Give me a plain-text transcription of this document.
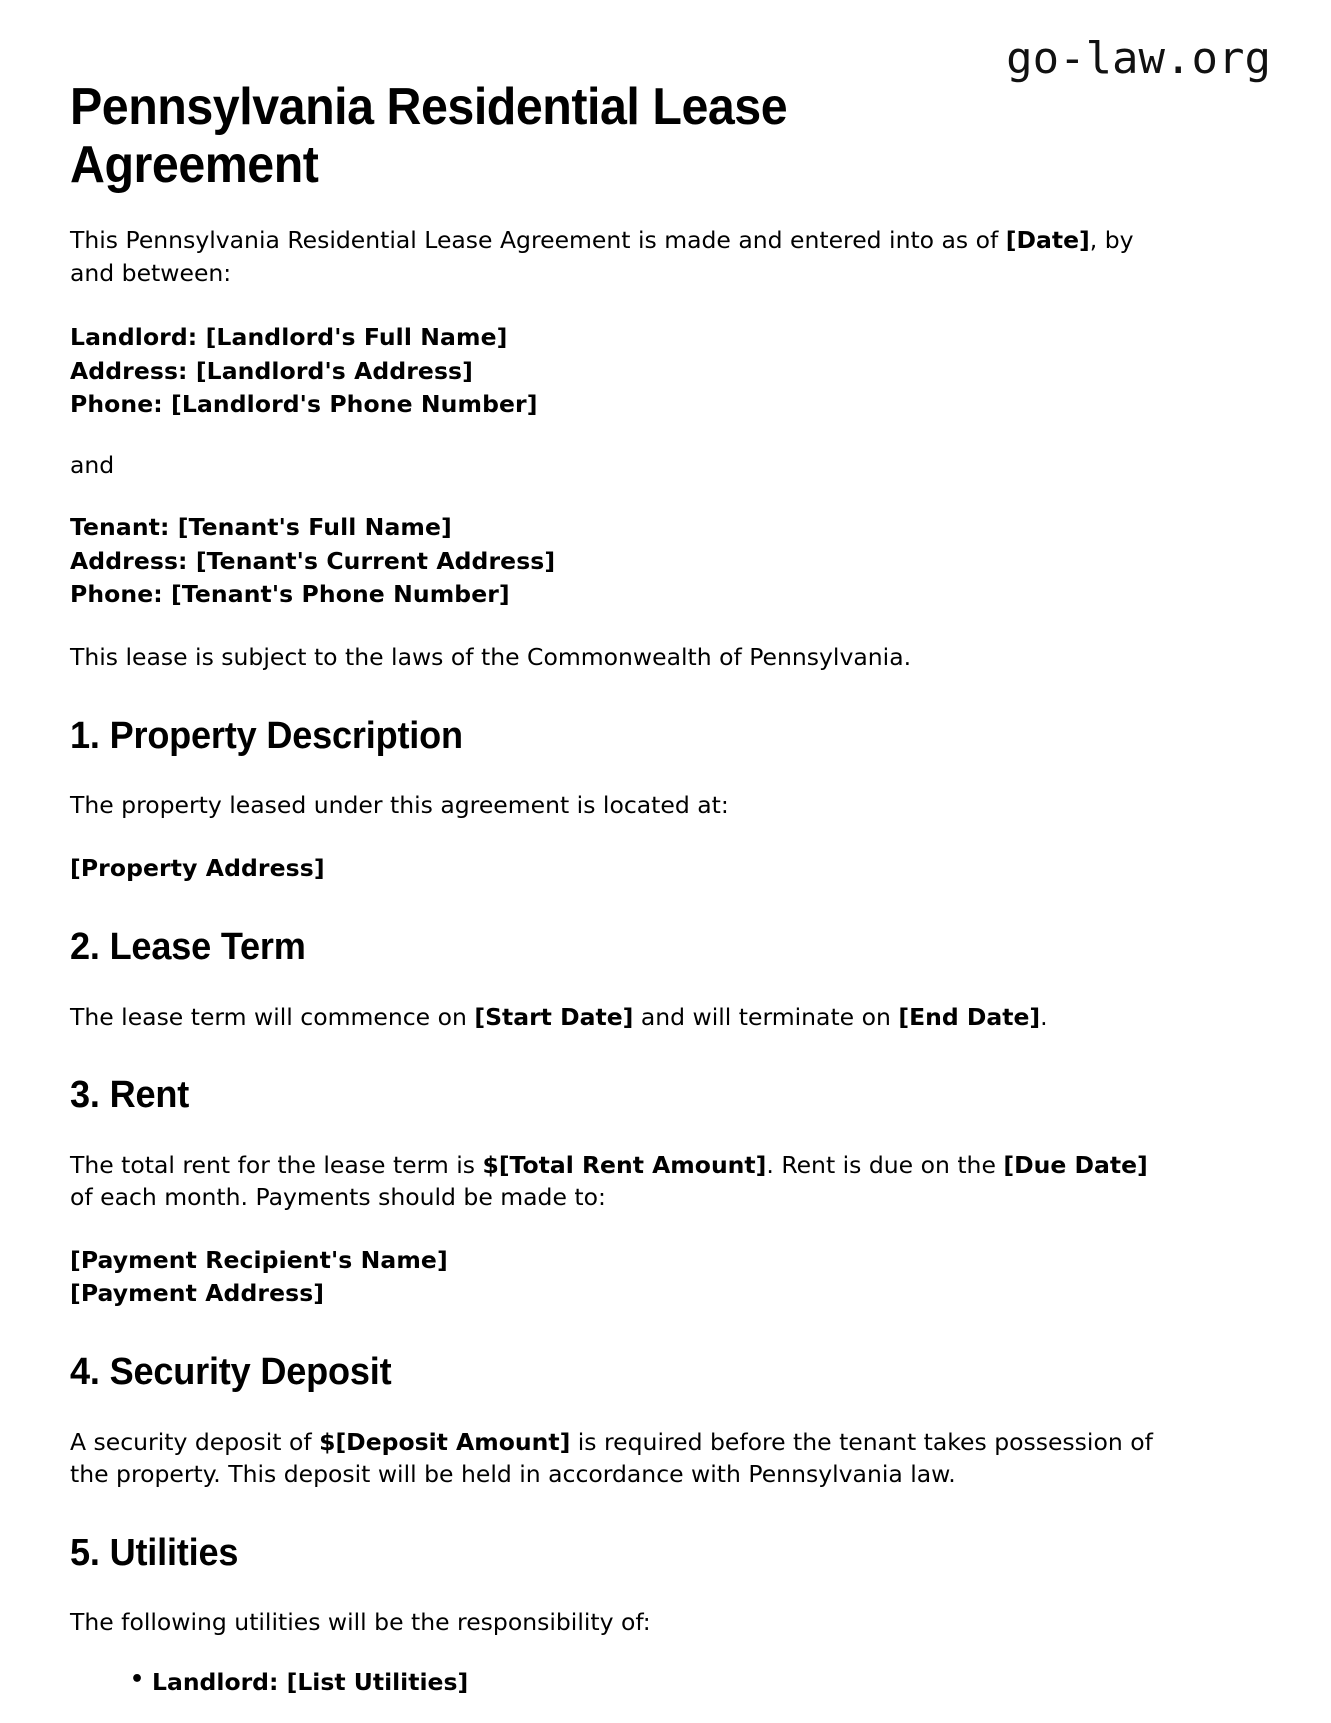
go-law.org
Pennsylvania Residential Lease Agreement

This Pennsylvania Residential Lease Agreement is made and entered into as of [Date], by and between:

Landlord: [Landlord's Full Name]
Address: [Landlord's Address]
Phone: [Landlord's Phone Number]

and

Tenant: [Tenant's Full Name]
Address: [Tenant's Current Address]
Phone: [Tenant's Phone Number]

This lease is subject to the laws of the Commonwealth of Pennsylvania.

1. Property Description

The property leased under this agreement is located at:

[Property Address]

2. Lease Term

The lease term will commence on [Start Date] and will terminate on [End Date].

3. Rent

The total rent for the lease term is $[Total Rent Amount]. Rent is due on the [Due Date] of each month. Payments should be made to:

[Payment Recipient's Name]
[Payment Address]

4. Security Deposit

A security deposit of $[Deposit Amount] is required before the tenant takes possession of the property. This deposit will be held in accordance with Pennsylvania law.

5. Utilities

The following utilities will be the responsibility of:

• Landlord: [List Utilities]
